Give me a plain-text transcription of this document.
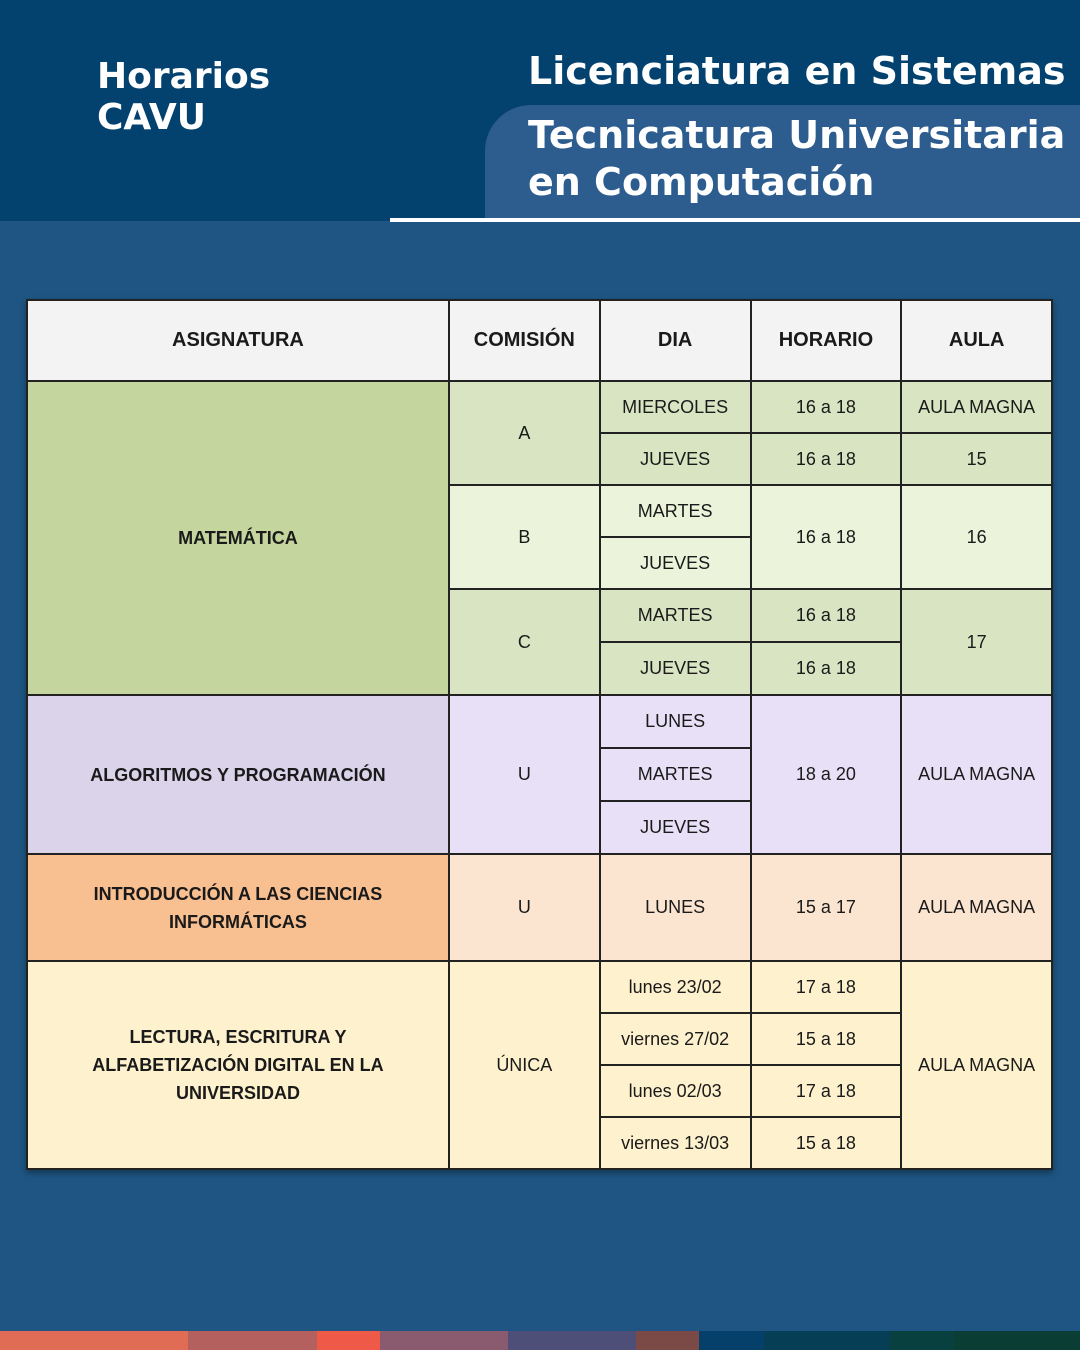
Horarios
CAVU
Licenciatura en Sistemas
Tecnicatura Universitaria
en Computación
ASIGNATURA	COMISIÓN	DIA	HORARIO	AULA
MATEMÁTICA	A	MIERCOLES	16 a 18	AULA MAGNA
		JUEVES	16 a 18	15
	B	MARTES	16 a 18	16
		JUEVES		
	C	MARTES	16 a 18	17
		JUEVES	16 a 18	
ALGORITMOS Y PROGRAMACIÓN	U	LUNES	18 a 20	AULA MAGNA
		MARTES		
		JUEVES		

INTRODUCCIÓN A LAS CIENCIAS
INFORMÁTICAS	U	LUNES	15 a 17	AULA MAGNA

LECTURA, ESCRITURA Y
ALFABETIZACIÓN DIGITAL EN LA
UNIVERSIDAD	ÚNICA	lunes 23/02	17 a 18	AULA MAGNA
		viernes 27/02	15 a 18	
		lunes 02/03	17 a 18	
		viernes 13/03	15 a 18	
